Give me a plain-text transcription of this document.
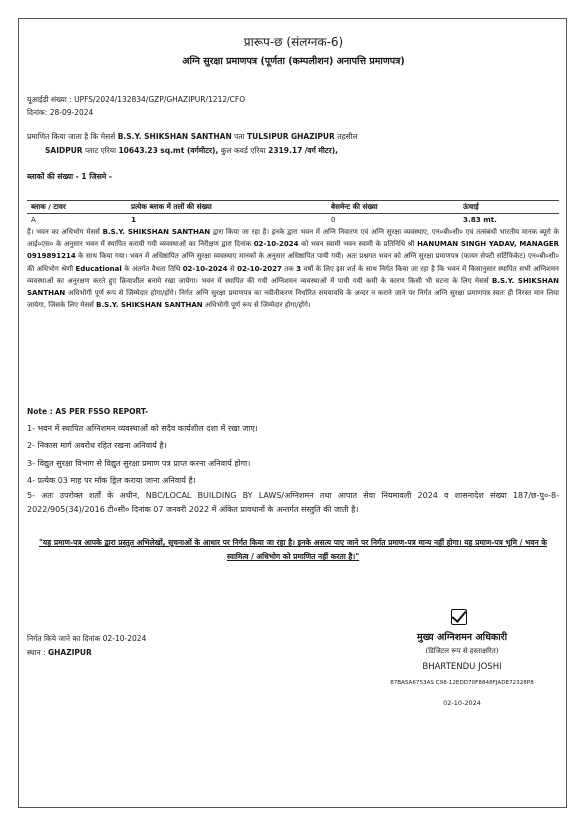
प्रारूप-छ (संलग्नक-6)
अग्नि सुरक्षा प्रमाणपत्र (पूर्णता (कम्पलीशन) अनापत्ति प्रमाणपत्र)
यूआईडी संख्या : UPFS/2024/132834/GZP/GHAZIPUR/1212/CFO
दिनांक: 28-09-2024
प्रमाणित किया जाता है कि मेसर्स B.S.Y. SHIKSHAN SANTHAN पता TULSIPUR GHAZIPUR तहसील
SAIDPUR प्लाट एरिया 10643.23 sq.mt (वर्गमीटर), कुल कवर्ड एरिया 2319.17 /वर्ग मीटर),
ब्लाकों की संख्या - 1 जिसमे -
ब्लाक / टावर	प्रत्येक ब्लाक में तलों की संख्या	बेसमेन्ट की संख्या	ऊंचाई
A	1	0	3.83 mt.
हैं। भवन का अधिभोग मेसर्स B.S.Y. SHIKSHAN SANTHAN द्वारा किया जा रहा है। इनके द्वारा भवन में अग्नि निवारण एवं अग्नि सुरक्षा व्यवस्थाए, एन०बी०सी० एवं तत्संबंधी भारतीय मानक ब्यूरो के आई०एस० के अनुसार भवन में स्थापित करायी गयी व्यवस्थाओं का निरीक्षण द्वारा दिनांक 02-10-2024 को भवन स्वामी भवन स्वामी के प्रतिनिधि श्री HANUMAN SINGH YADAV, MANAGER 0919891214 के साथ किया गया। भवन में अधिष्ठापित अग्नि सुरक्षा व्यवस्थाए मानकों के अनुसार अधिष्ठापित पायी गयी। अतः प्रश्नगत भवन को अग्नि सुरक्षा प्रमाणपत्र (फायर सेफ्टी सर्टिफिकेट) एन०बी०सी० की अधिभोग श्रेणी Educational के अंतर्गत वैधता तिथि 02-10-2024 से 02-10-2027 तक 3 वर्षो के लिए इस शर्त के साथ निर्गत किया जा रहा है कि भवन में किसानुसार स्थापित सभी अग्निशमन व्यवस्थाओं का अनुरक्षण करते हुए क्रियाशील बनाये रखा जायेगा। भवन में स्थापित की गयी अग्निशमन व्यवस्थाओं में पायी गयी कमी के कारण किसी भी घटना के लिए मेसर्स B.S.Y. SHIKSHAN SANTHAN अधिभोगी पूर्ण रूप से जिम्मेदार होगा/होंगे। निर्गत अग्नि सुरक्षा प्रमाणपत्र का नवीनीकरण निर्धारित समयावधि के अन्दर न कराने जाने पर निर्गत अग्नि सुरक्षा प्रमाणपत्र स्वतः ही निरस्त मान लिया जायेगा, जिसके लिए मेसर्स B.S.Y. SHIKSHAN SANTHAN अधिभोगी पूर्ण रूप से जिम्मेदार होगा/होंगे।
Note : AS PER FSSO REPORT-
1- भवन में स्थापित अग्निशमन व्यवस्थाओं को सदैव कार्यशील दशा में रखा जाए।
2- निकास मार्ग अवरोध रहित रखना अनिवार्य है।
3- विद्युत सुरक्षा विभाग से विद्युत सुरक्षा प्रमाण पत्र प्राप्त करना अनिवार्य होगा।
4- प्रत्येक 03 माह पर मॉक ड्रिल कराया जाना अनिवार्य है।
5- अतः उपरोक्त शर्तों के अधीन, NBC/LOCAL BUILDING BY LAWS/अग्निशमन तथा आपात सेवा नियमावली 2024 व शासनादेश संख्या 187/छ-पु०-8-2022/905(34)/2016 टी०सी० दिनांक 07 जनवरी 2022 में अंकित प्रावधानों के अन्तर्गत संस्तुति की जाती है।
"यह प्रमाण-पत्र आपके द्वारा प्रस्तुत अभिलेखों, सूचनाओं के आधार पर निर्गत किया जा रहा है। इनके असत्य पाए जाने पर निर्गत प्रमाण-पत्र मान्य नहीं होगा। यह प्रमाण-पत्र भूमि / भवन के स्वामित्व / अधिभोग को प्रमाणित नहीं करता है।"
मुख्य अग्निशमन अधिकारी
(डिजिटल रूप से हस्ताक्षरित)
BHARTENDU JOSHI
87BA5A6753AS C98-12EDD70F8848FJADE72328P8
02-10-2024
निर्गत किये जाने का दिनांक 02-10-2024
स्थान : GHAZIPUR
